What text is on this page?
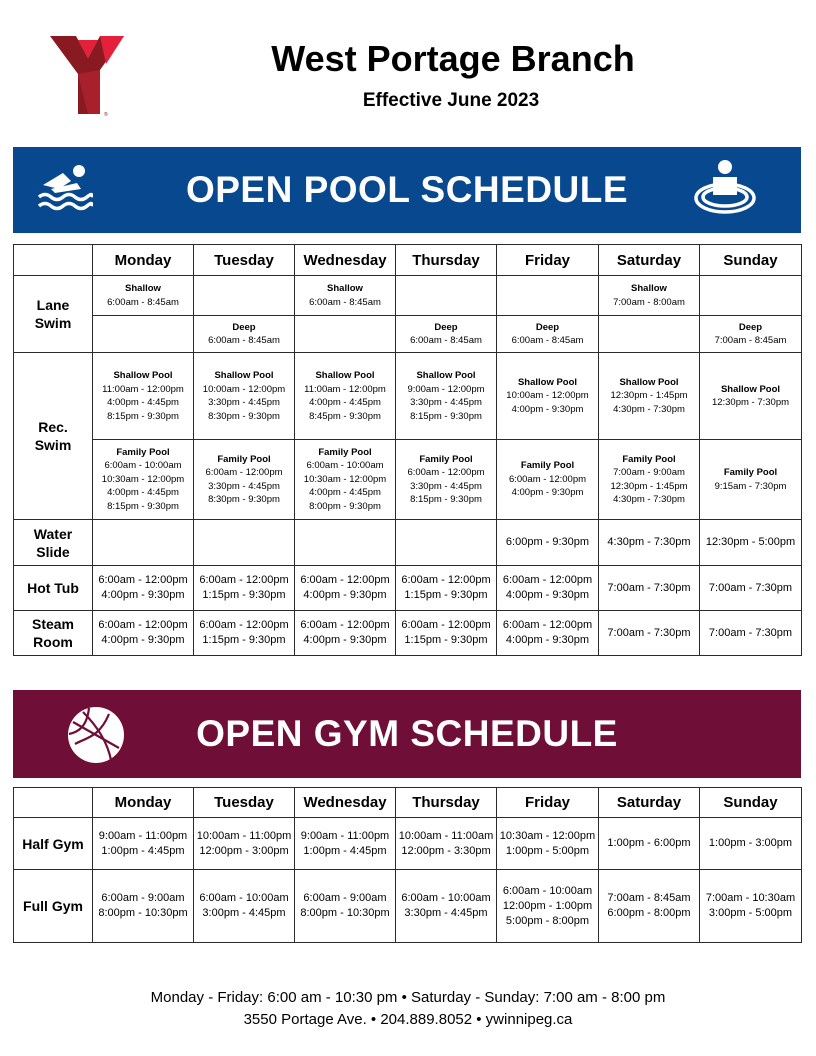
®
West Portage Branch
Effective June 2023
OPEN POOL SCHEDULE
	Monday	Tuesday	Wednesday	Thursday	Friday	Saturday	Sunday
Lane Swim	Shallow
6:00am - 8:45am		Shallow
6:00am - 8:45am			Shallow
7:00am - 8:00am	
		Deep
6:00am - 8:45am		Deep
6:00am - 8:45am	Deep
6:00am - 8:45am		Deep
7:00am - 8:45am
Rec. Swim	Shallow Pool
11:00am - 12:00pm
4:00pm - 4:45pm
8:15pm - 9:30pm	Shallow Pool
10:00am - 12:00pm
3:30pm - 4:45pm
8:30pm - 9:30pm	Shallow Pool
11:00am - 12:00pm
4:00pm - 4:45pm
8:45pm - 9:30pm	Shallow Pool
9:00am - 12:00pm
3:30pm - 4:45pm
8:15pm - 9:30pm	Shallow Pool
10:00am - 12:00pm
4:00pm - 9:30pm	Shallow Pool
12:30pm - 1:45pm
4:30pm - 7:30pm	Shallow Pool
12:30pm - 7:30pm
	Family Pool
6:00am - 10:00am
10:30am - 12:00pm
4:00pm - 4:45pm
8:15pm - 9:30pm	Family Pool
6:00am - 12:00pm
3:30pm - 4:45pm
8:30pm - 9:30pm	Family Pool
6:00am - 10:00am
10:30am - 12:00pm
4:00pm - 4:45pm
8:00pm - 9:30pm	Family Pool
6:00am - 12:00pm
3:30pm - 4:45pm
8:15pm - 9:30pm	Family Pool
6:00am - 12:00pm
4:00pm - 9:30pm	Family Pool
7:00am - 9:00am
12:30pm - 1:45pm
4:30pm - 7:30pm	Family Pool
9:15am - 7:30pm
Water Slide					6:00pm - 9:30pm	4:30pm - 7:30pm	12:30pm - 5:00pm
Hot Tub	6:00am - 12:00pm
4:00pm - 9:30pm	6:00am - 12:00pm
1:15pm - 9:30pm	6:00am - 12:00pm
4:00pm - 9:30pm	6:00am - 12:00pm
1:15pm - 9:30pm	6:00am - 12:00pm
4:00pm - 9:30pm	7:00am - 7:30pm	7:00am - 7:30pm
Steam Room	6:00am - 12:00pm
4:00pm - 9:30pm	6:00am - 12:00pm
1:15pm - 9:30pm	6:00am - 12:00pm
4:00pm - 9:30pm	6:00am - 12:00pm
1:15pm - 9:30pm	6:00am - 12:00pm
4:00pm - 9:30pm	7:00am - 7:30pm	7:00am - 7:30pm
OPEN GYM SCHEDULE
	Monday	Tuesday	Wednesday	Thursday	Friday	Saturday	Sunday
Half Gym	9:00am - 11:00pm
1:00pm - 4:45pm	10:00am - 11:00pm
12:00pm - 3:00pm	9:00am - 11:00pm
1:00pm - 4:45pm	10:00am - 11:00am
12:00pm - 3:30pm	10:30am - 12:00pm
1:00pm - 5:00pm	1:00pm - 6:00pm	1:00pm - 3:00pm
Full Gym	6:00am - 9:00am
8:00pm - 10:30pm	6:00am - 10:00am
3:00pm - 4:45pm	6:00am - 9:00am
8:00pm - 10:30pm	6:00am - 10:00am
3:30pm - 4:45pm	6:00am - 10:00am
12:00pm - 1:00pm
5:00pm - 8:00pm	7:00am - 8:45am
6:00pm - 8:00pm	7:00am - 10:30am
3:00pm - 5:00pm
Monday - Friday: 6:00 am - 10:30 pm • Saturday - Sunday: 7:00 am - 8:00 pm
3550 Portage Ave. • 204.889.8052 • ywinnipeg.ca
